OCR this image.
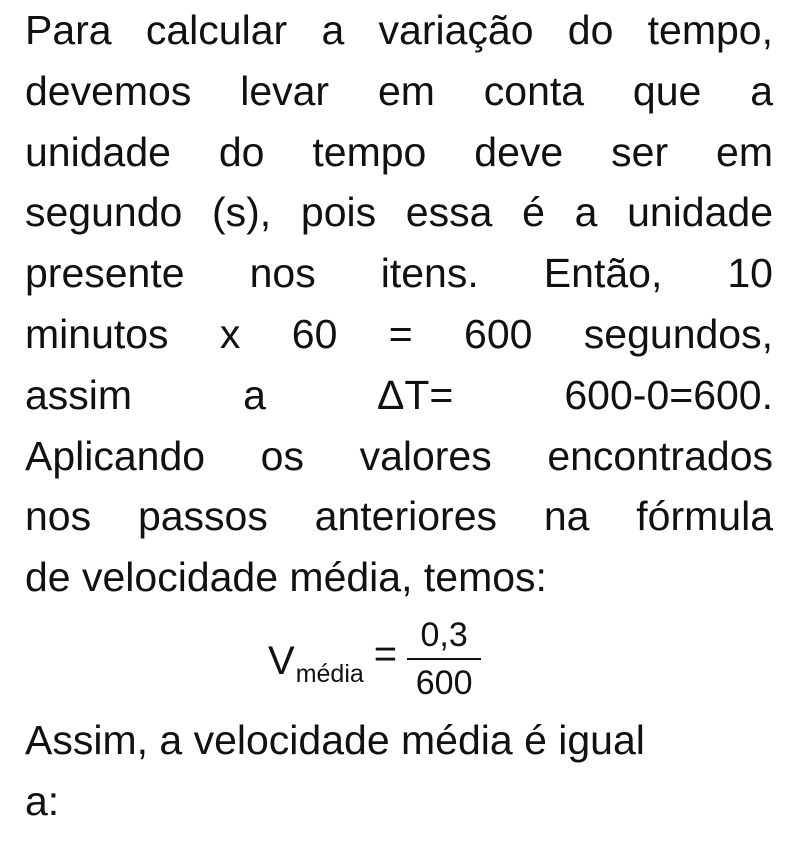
Para calcular a variação do tempo,
devemos levar em conta que a
unidade do tempo deve ser em
segundo (s), pois essa é a unidade
presente nos itens. Então, 10
minutos x 60 = 600 segundos,
assim a ΔT= 600-0=600.
Aplicando os valores encontrados
nos passos anteriores na fórmula
de velocidade média, temos:
V média = $\frac{0,3}{600}$
Assim, a velocidade média é igual
a:
